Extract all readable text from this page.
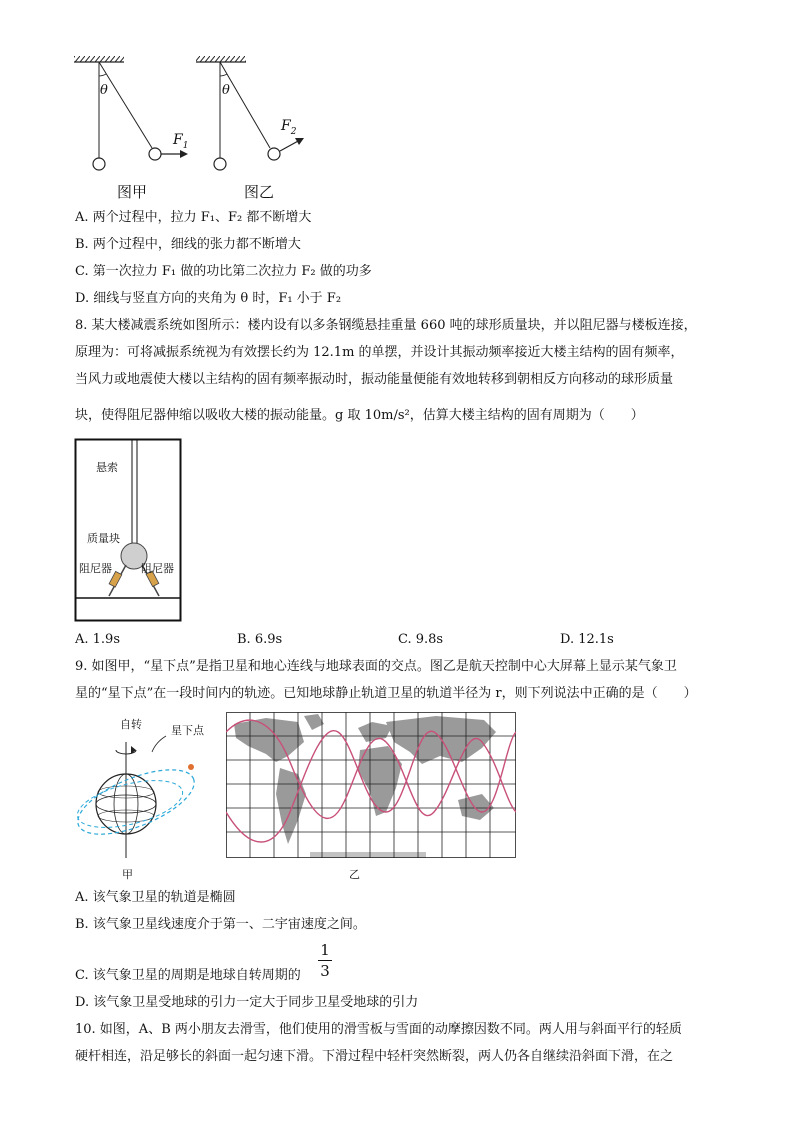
θ	θ
$F_1$
$F_2$
图甲	图乙
A. 两个过程中，拉力 F₁、F₂ 都不断增大
B. 两个过程中，细线的张力都不断增大
C. 第一次拉力 F₁ 做的功比第二次拉力 F₂ 做的功多
D. 细线与竖直方向的夹角为 θ 时，F₁ 小于 F₂
8. 某大楼减震系统如图所示：楼内设有以多条钢缆悬挂重量 660 吨的球形质量块，并以阻尼器与楼板连接，
原理为：可将减振系统视为有效摆长约为 12.1m 的单摆，并设计其振动频率接近大楼主结构的固有频率，
当风力或地震使大楼以主结构的固有频率振动时，振动能量便能有效地转移到朝相反方向移动的球形质量
块，使得阻尼器伸缩以吸收大楼的振动能量。g 取 10m/s²，估算大楼主结构的固有周期为（　　）
悬索
质量块
阻尼器	阻尼器
A. 1.9s	B. 6.9s	C. 9.8s	D. 12.1s
9. 如图甲，“星下点”是指卫星和地心连线与地球表面的交点。图乙是航天控制中心大屏幕上显示某气象卫
星的“星下点”在一段时间内的轨迹。已知地球静止轨道卫星的轨道半径为 r，则下列说法中正确的是（　　）
自转	星下点
甲	乙
A. 该气象卫星的轨道是椭圆
B. 该气象卫星线速度介于第一、二宇宙速度之间。
C. 该气象卫星的周期是地球自转周期的
1
3
D. 该气象卫星受地球的引力一定大于同步卫星受地球的引力
10. 如图，A、B 两小朋友去滑雪，他们使用的滑雪板与雪面的动摩擦因数不同。两人用与斜面平行的轻质
硬杆相连，沿足够长的斜面一起匀速下滑。下滑过程中轻杆突然断裂，两人仍各自继续沿斜面下滑，在之
